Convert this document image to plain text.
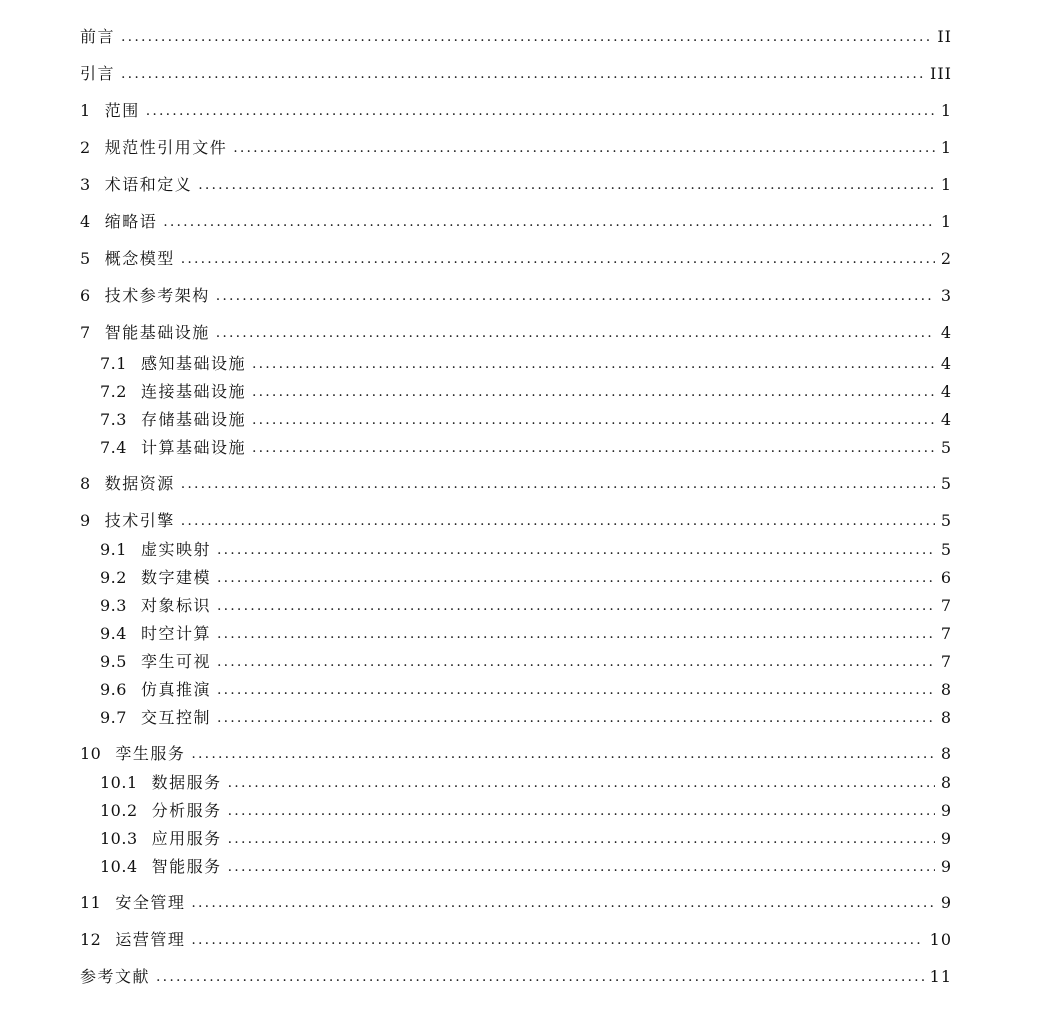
前言 .....	II
引言 .....	III
1 范围 .....	1
2 规范性引用文件 .....	1
3 术语和定义 .....	1
4 缩略语 .....	1
5 概念模型 .....	2
6 技术参考架构 .....	3
7 智能基础设施 .....	4
7.1 感知基础设施 .....	4
7.2 连接基础设施 .....	4
7.3 存储基础设施 .....	4
7.4 计算基础设施 .....	5
8 数据资源 .....	5
9 技术引擎 .....	5
9.1 虚实映射 .....	5
9.2 数字建模 .....	6
9.3 对象标识 .....	7
9.4 时空计算 .....	7
9.5 孪生可视 .....	7
9.6 仿真推演 .....	8
9.7 交互控制 .....	8
10 孪生服务 .....	8
10.1 数据服务 .....	8
10.2 分析服务 .....	9
10.3 应用服务 .....	9
10.4 智能服务 .....	9
11 安全管理 .....	9
12 运营管理 .....	10
参考文献 .....	11
